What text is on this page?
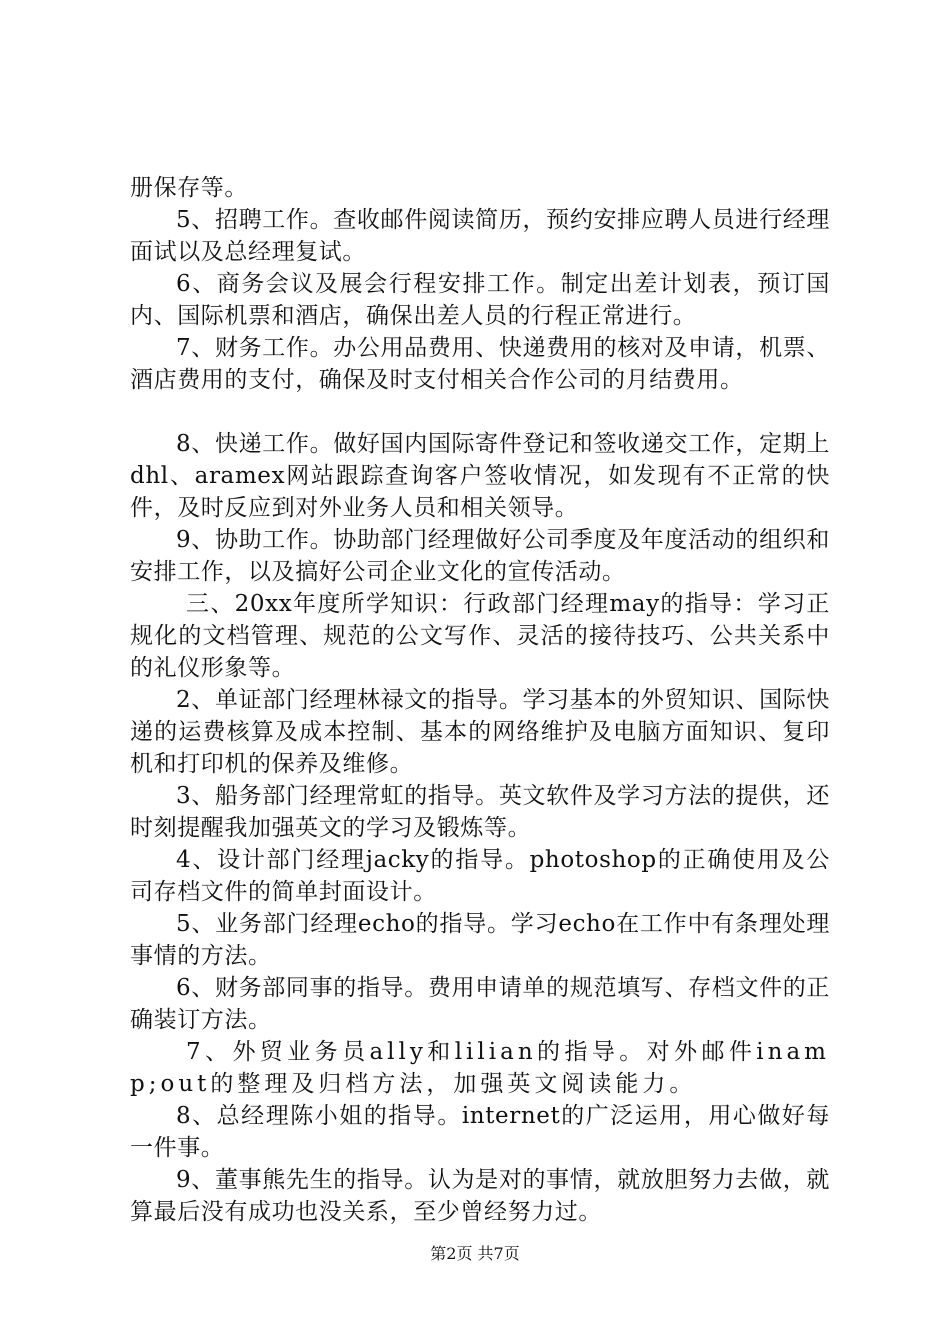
册保存等。

5、招聘工作。查收邮件阅读简历，预约安排应聘人员进行经理面试以及总经理复试。

6、商务会议及展会行程安排工作。制定出差计划表，预订国内、国际机票和酒店，确保出差人员的行程正常进行。

7、财务工作。办公用品费用、快递费用的核对及申请，机票、酒店费用的支付，确保及时支付相关合作公司的月结费用。

8、快递工作。做好国内国际寄件登记和签收递交工作，定期上dhl、aramex网站跟踪查询客户签收情况，如发现有不正常的快件，及时反应到对外业务人员和相关领导。

9、协助工作。协助部门经理做好公司季度及年度活动的组织和安排工作，以及搞好公司企业文化的宣传活动。

三、20xx年度所学知识：行政部门经理may的指导：学习正规化的文档管理、规范的公文写作、灵活的接待技巧、公共关系中的礼仪形象等。

2、单证部门经理林禄文的指导。学习基本的外贸知识、国际快递的运费核算及成本控制、基本的网络维护及电脑方面知识、复印机和打印机的保养及维修。

3、船务部门经理常虹的指导。英文软件及学习方法的提供，还时刻提醒我加强英文的学习及锻炼等。

4、设计部门经理jacky的指导。photoshop的正确使用及公司存档文件的简单封面设计。

5、业务部门经理echo的指导。学习echo在工作中有条理处理事情的方法。

6、财务部同事的指导。费用申请单的规范填写、存档文件的正确装订方法。

7、外贸业务员ally和lilian的指导。对外邮件inamp;out的整理及归档方法，加强英文阅读能力。

8、总经理陈小姐的指导。internet的广泛运用，用心做好每一件事。

9、董事熊先生的指导。认为是对的事情，就放胆努力去做，就算最后没有成功也没关系，至少曾经努力过。

第2页 共7页
